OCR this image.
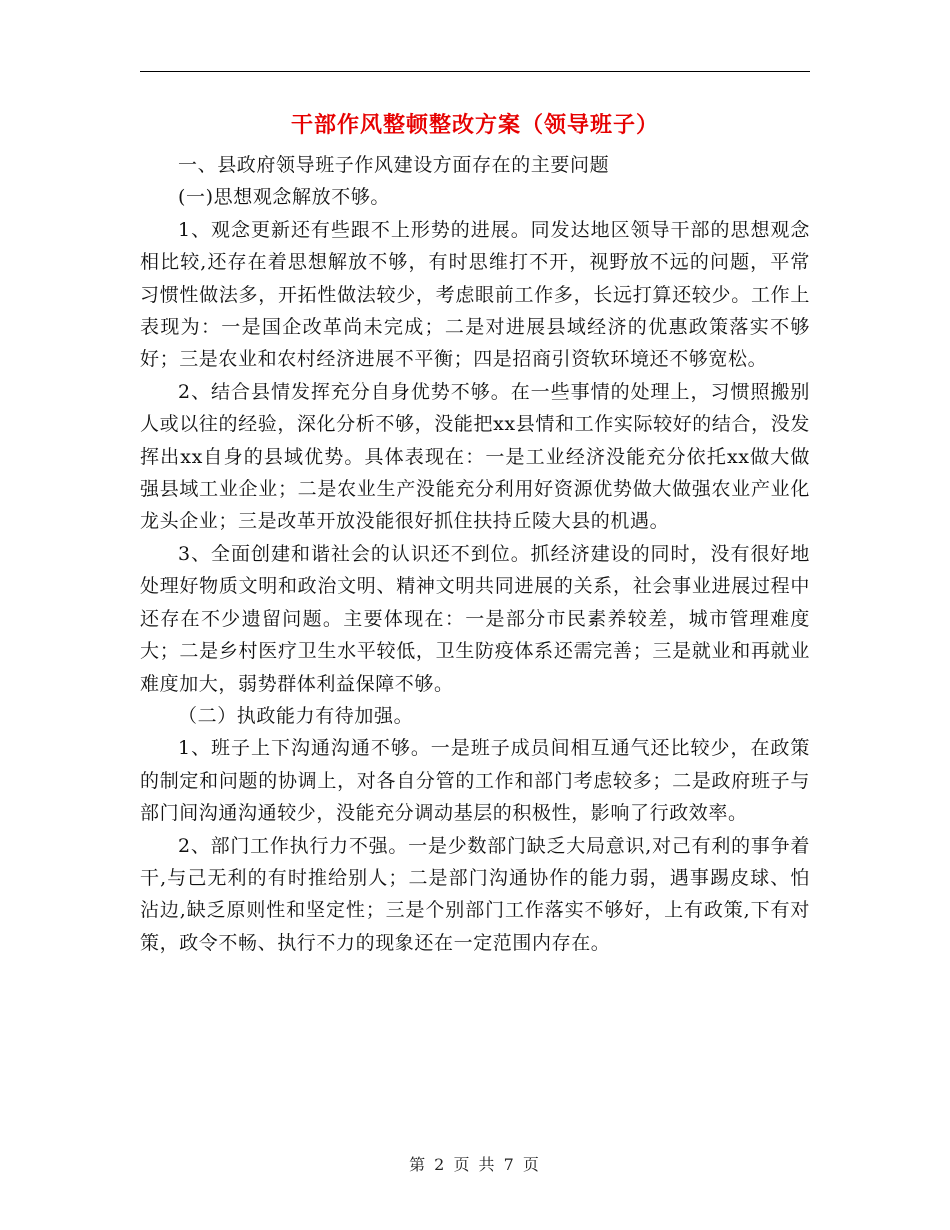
干部作风整顿整改方案（领导班子）

一、县政府领导班子作风建设方面存在的主要问题

(一)思想观念解放不够。

1、观念更新还有些跟不上形势的进展。同发达地区领导干部的思想观念相比较,还存在着思想解放不够，有时思维打不开，视野放不远的问题，平常习惯性做法多，开拓性做法较少，考虑眼前工作多，长远打算还较少。工作上表现为：一是国企改革尚未完成；二是对进展县域经济的优惠政策落实不够好；三是农业和农村经济进展不平衡；四是招商引资软环境还不够宽松。

2、结合县情发挥充分自身优势不够。在一些事情的处理上，习惯照搬别人或以往的经验，深化分析不够，没能把xx县情和工作实际较好的结合，没发挥出xx自身的县域优势。具体表现在：一是工业经济没能充分依托xx做大做强县域工业企业；二是农业生产没能充分利用好资源优势做大做强农业产业化龙头企业；三是改革开放没能很好抓住扶持丘陵大县的机遇。

3、全面创建和谐社会的认识还不到位。抓经济建设的同时，没有很好地处理好物质文明和政治文明、精神文明共同进展的关系，社会事业进展过程中还存在不少遗留问题。主要体现在：一是部分市民素养较差，城市管理难度大；二是乡村医疗卫生水平较低，卫生防疫体系还需完善；三是就业和再就业难度加大，弱势群体利益保障不够。

（二）执政能力有待加强。

1、班子上下沟通沟通不够。一是班子成员间相互通气还比较少，在政策的制定和问题的协调上，对各自分管的工作和部门考虑较多；二是政府班子与部门间沟通沟通较少，没能充分调动基层的积极性，影响了行政效率。

2、部门工作执行力不强。一是少数部门缺乏大局意识,对己有利的事争着干,与己无利的有时推给别人；二是部门沟通协作的能力弱，遇事踢皮球、怕沾边,缺乏原则性和坚定性；三是个别部门工作落实不够好，上有政策,下有对策，政令不畅、执行不力的现象还在一定范围内存在。

第 2 页 共 7 页
